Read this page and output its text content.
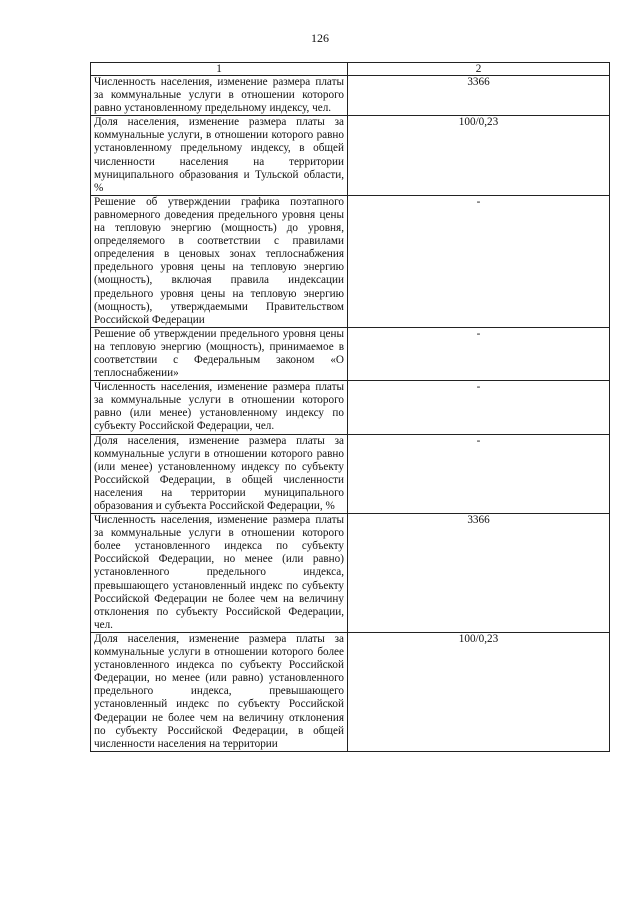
126
1	2
Численность населения, изменение размера платы за коммунальные услуги в отношении которого равно установленному предельному индексу, чел.	3366
Доля населения, изменение размера платы за коммунальные услуги, в отношении которого равно установленному предельному индексу, в общей численности населения на территории муниципального образования и Тульской области, %	100/0,23
Решение об утверждении графика поэтапного равномерного доведения предельного уровня цены на тепловую энергию (мощность) до уровня, определяемого в соответствии с правилами определения в ценовых зонах теплоснабжения предельного уровня цены на тепловую энергию (мощность), включая правила индексации предельного уровня цены на тепловую энергию (мощность), утверждаемыми Правительством Российской Федерации	-
Решение об утверждении предельного уровня цены на тепловую энергию (мощность), принимаемое в соответствии с Федеральным законом «О теплоснабжении»	-
Численность населения, изменение размера платы за коммунальные услуги в отношении которого равно (или менее) установленному индексу по субъекту Российской Федерации, чел.	-
Доля населения, изменение размера платы за коммунальные услуги в отношении которого равно (или менее) установленному индексу по субъекту Российской Федерации, в общей численности населения на территории муниципального образования и субъекта Российской Федерации, %	-
Численность населения, изменение размера платы за коммунальные услуги в отношении которого более установленного индекса по субъекту Российской Федерации, но менее (или равно) установленного предельного индекса, превышающего установленный индекс по субъекту Российской Федерации не более чем на величину отклонения по субъекту Российской Федерации, чел.	3366
Доля населения, изменение размера платы за коммунальные услуги в отношении которого более установленного индекса по субъекту Российской Федерации, но менее (или равно) установленного предельного индекса, превышающего установленный индекс по субъекту Российской Федерации не более чем на величину отклонения по субъекту Российской Федерации, в общей численности населения на территории	100/0,23
